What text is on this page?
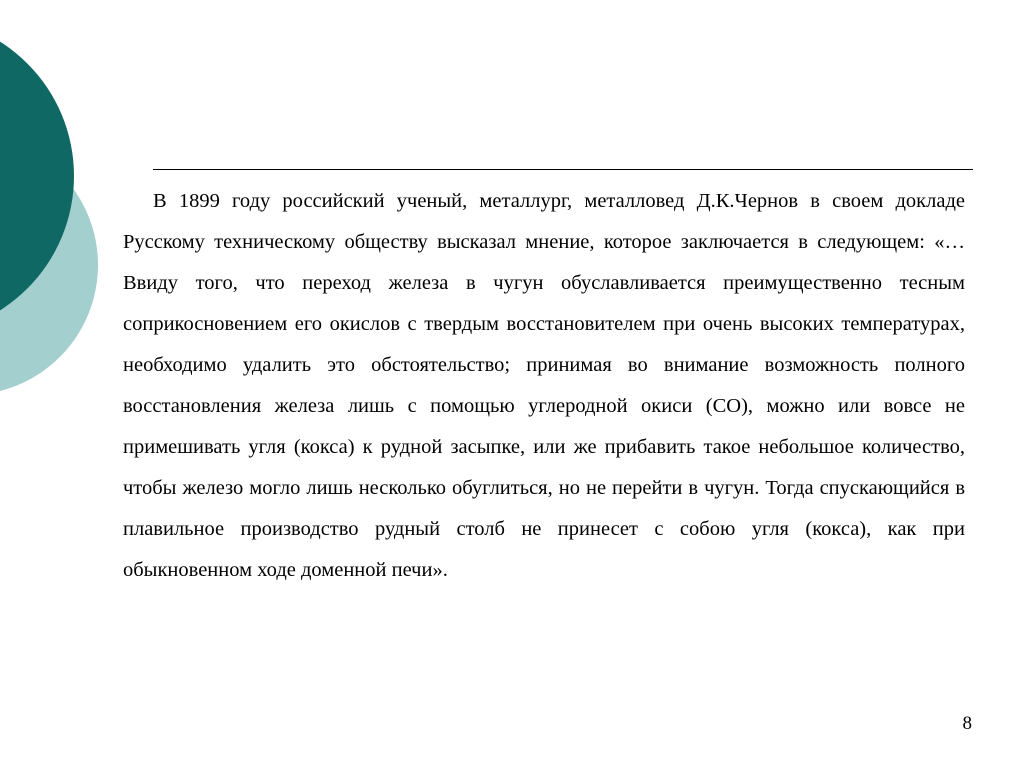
В 1899 году российский ученый, металлург, металловед Д.К.Чернов в своем докладе Русскому техническому обществу высказал мнение, которое заключается в следующем: «…Ввиду того, что переход железа в чугун обуславливается преимущественно тесным соприкосновением его окислов с твердым восстановителем при очень высоких температурах, необходимо удалить это обстоятельство; принимая во внимание возможность полного восстановления железа лишь с помощью углеродной окиси (СО), можно или вовсе не примешивать угля (кокса) к рудной засыпке, или же прибавить такое небольшое количество, чтобы железо могло лишь несколько обуглиться, но не перейти в чугун. Тогда спускающийся в плавильное производство рудный столб не принесет с собою угля (кокса), как при обыкновенном ходе доменной печи».

8
